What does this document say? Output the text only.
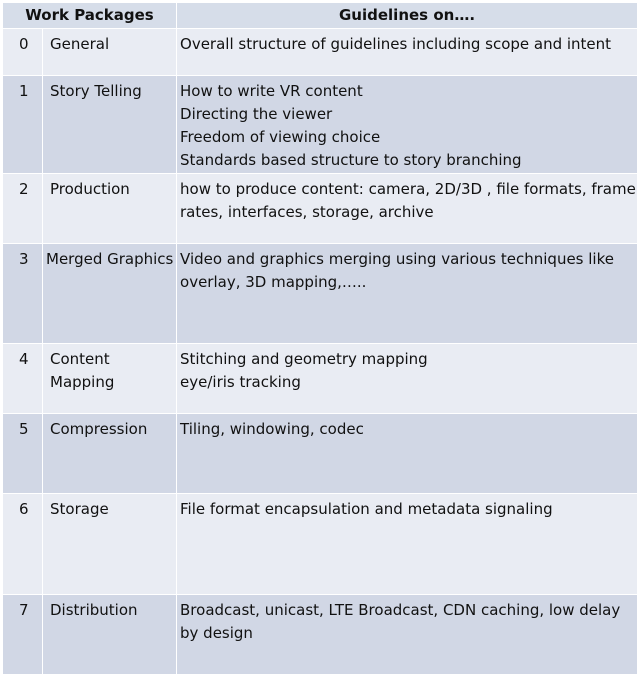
Work Packages		Guidelines on….
0	General	Overall structure of guidelines including scope and intent

1	Story Telling	How to write VR content
Directing the viewer
Freedom of viewing choice
Standards based structure to story branching

2	Production	how to produce content: camera, 2D/3D , file formats, frame rates, interfaces, storage, archive

3	Merged Graphics	Video and graphics merging using various techniques like overlay, 3D mapping,…..

4	Content Mapping	Stitching and geometry mapping
eye/iris tracking

5	Compression	Tiling, windowing, codec

6	Storage	File format encapsulation and metadata signaling

7	Distribution	Broadcast, unicast, LTE Broadcast, CDN caching, low delay by design
